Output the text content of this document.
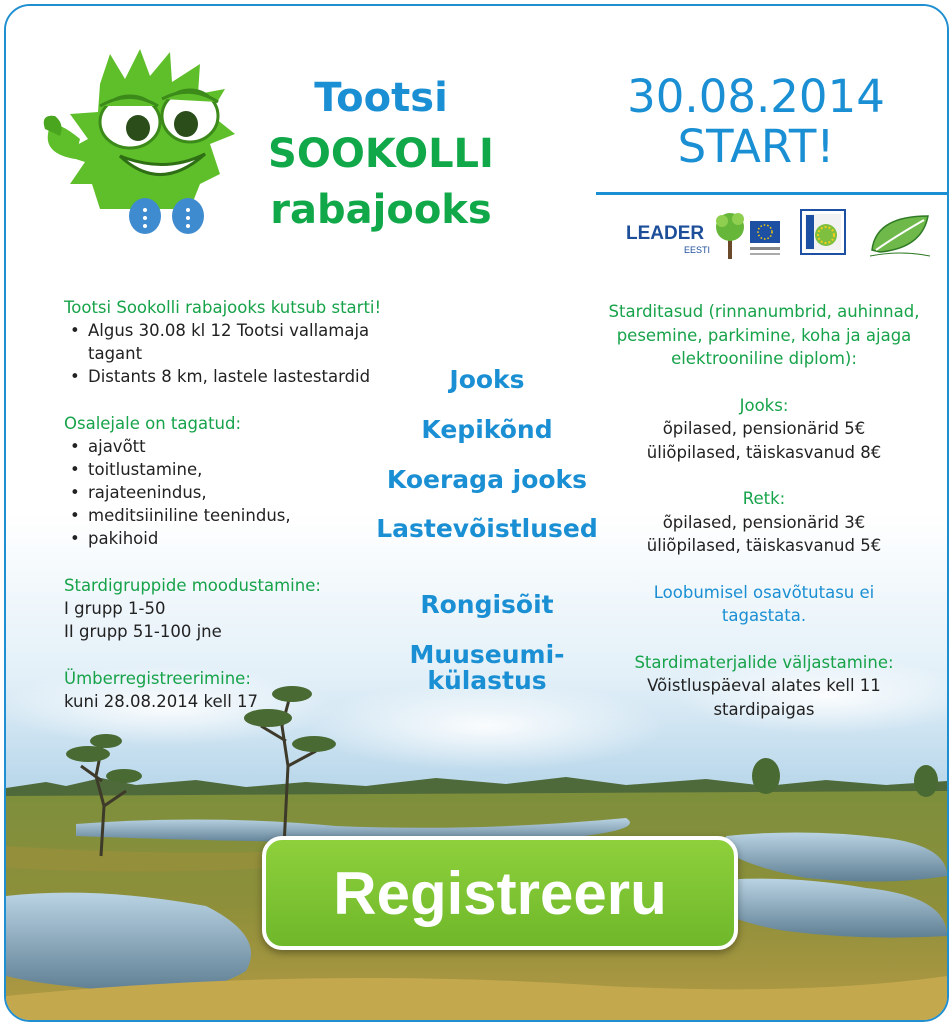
Tootsi
SOOKOLLI
rabajooks
30.08.2014
START!
LEADER
EESTI
Tootsi Sookolli rabajooks kutsub starti!
• Algus 30.08 kl 12 Tootsi vallamaja tagant
• Distants 8 km, lastele lastestardid
Osalejale on tagatud:
• ajavõtt
• toitlustamine,
• rajateenindus,
• meditsiiniline teenindus,
• pakihoid
Stardigruppide moodustamine:
I grupp 1-50
II grupp 51-100 jne
Ümberregistreerimine:
kuni 28.08.2014 kell 17
Jooks
Kepikõnd
Koeraga jooks
Lastevõistlused
Rongisõit
Muuseumi-
külastus
Starditasud (rinnanumbrid, auhinnad, pesemine, parkimine, koha ja ajaga elektrooniline diplom):
Jooks:
õpilased, pensionärid 5€
üliõpilased, täiskasvanud 8€
Retk:
õpilased, pensionärid 3€
üliõpilased, täiskasvanud 5€
Loobumisel osavõtutasu ei tagastata.
Stardimaterjalide väljastamine:
Võistluspäeval alates kell 11 stardipaigas
Registreeru
